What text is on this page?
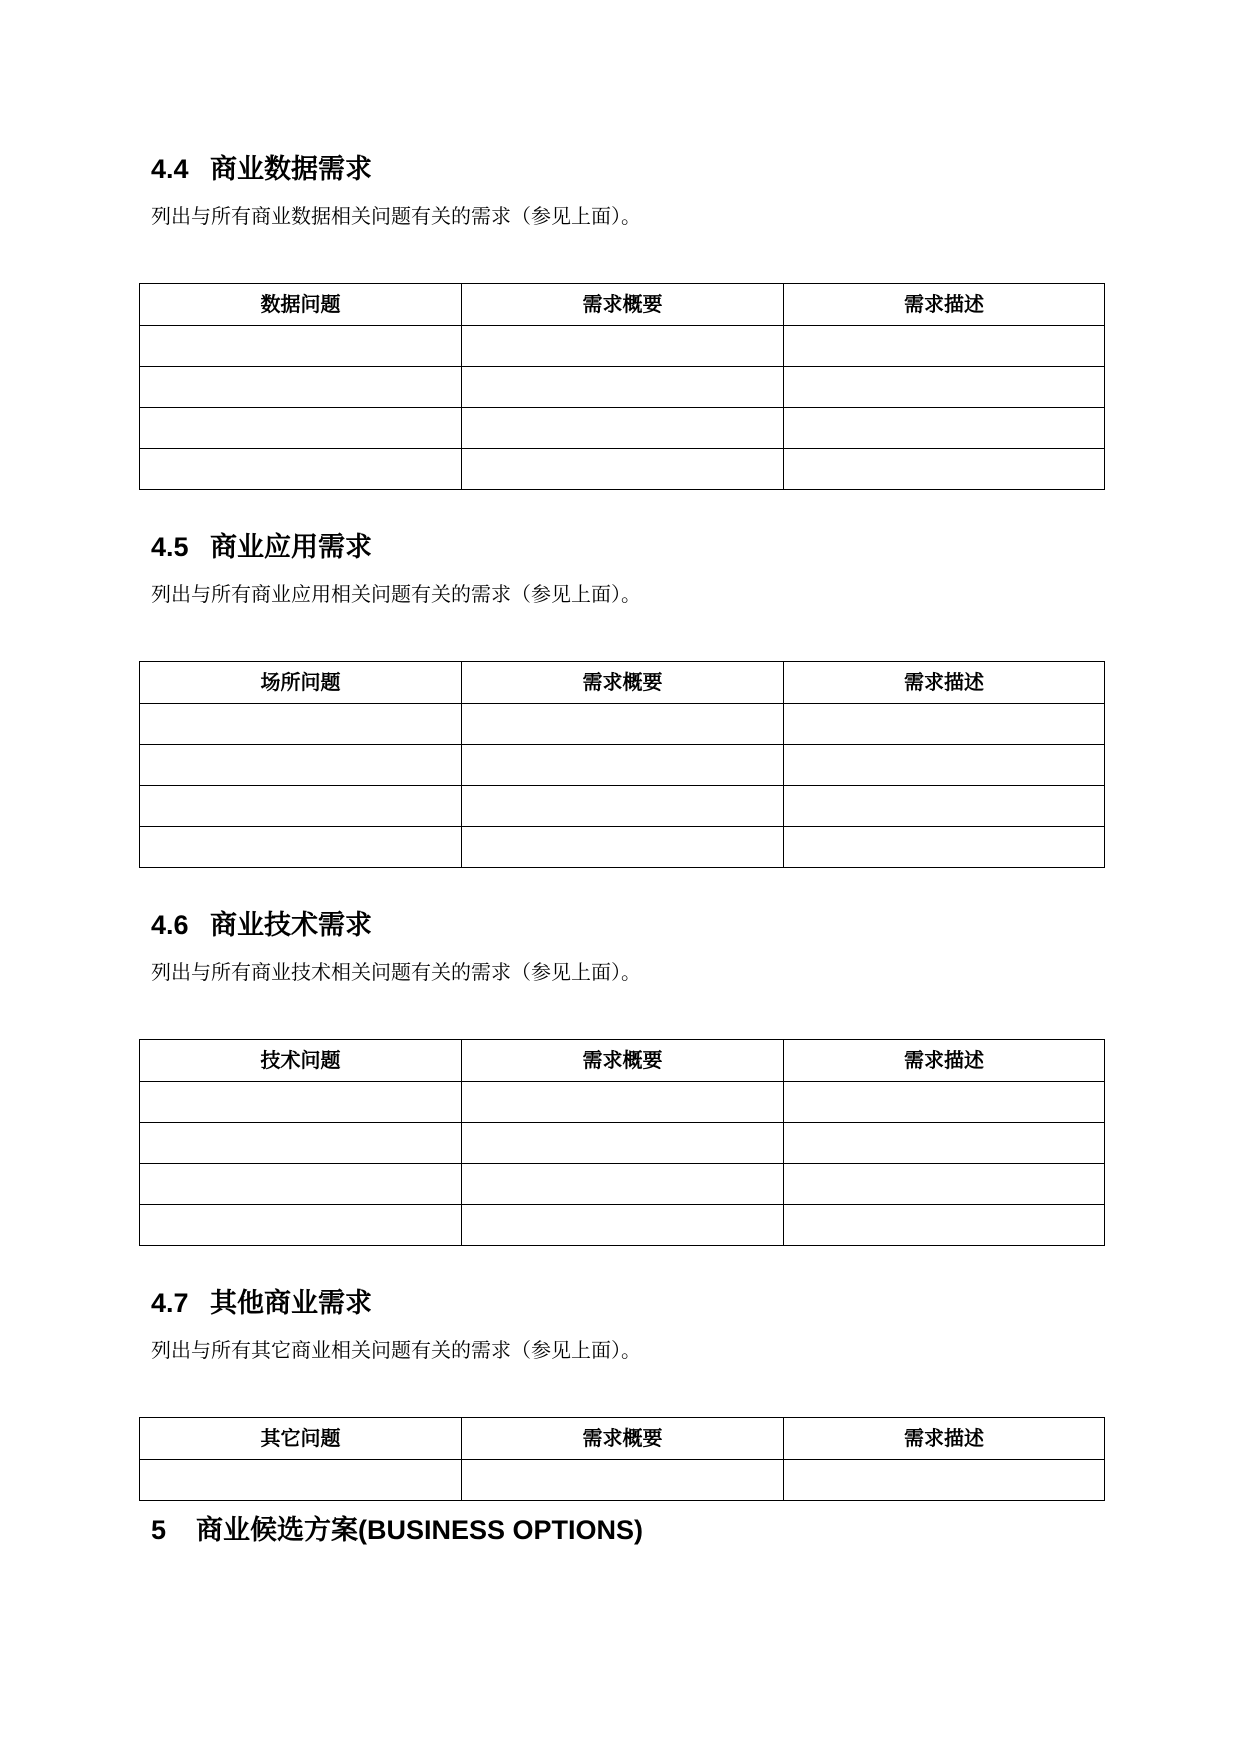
4.4 商业数据需求

列出与所有商业数据相关问题有关的需求（参见上面）。

数据问题	需求概要	需求描述

4.5 商业应用需求

列出与所有商业应用相关问题有关的需求（参见上面）。

场所问题	需求概要	需求描述

4.6 商业技术需求

列出与所有商业技术相关问题有关的需求（参见上面）。

技术问题	需求概要	需求描述

4.7 其他商业需求

列出与所有其它商业相关问题有关的需求（参见上面）。

其它问题	需求概要	需求描述

5 商业候选方案(BUSINESS OPTIONS)
